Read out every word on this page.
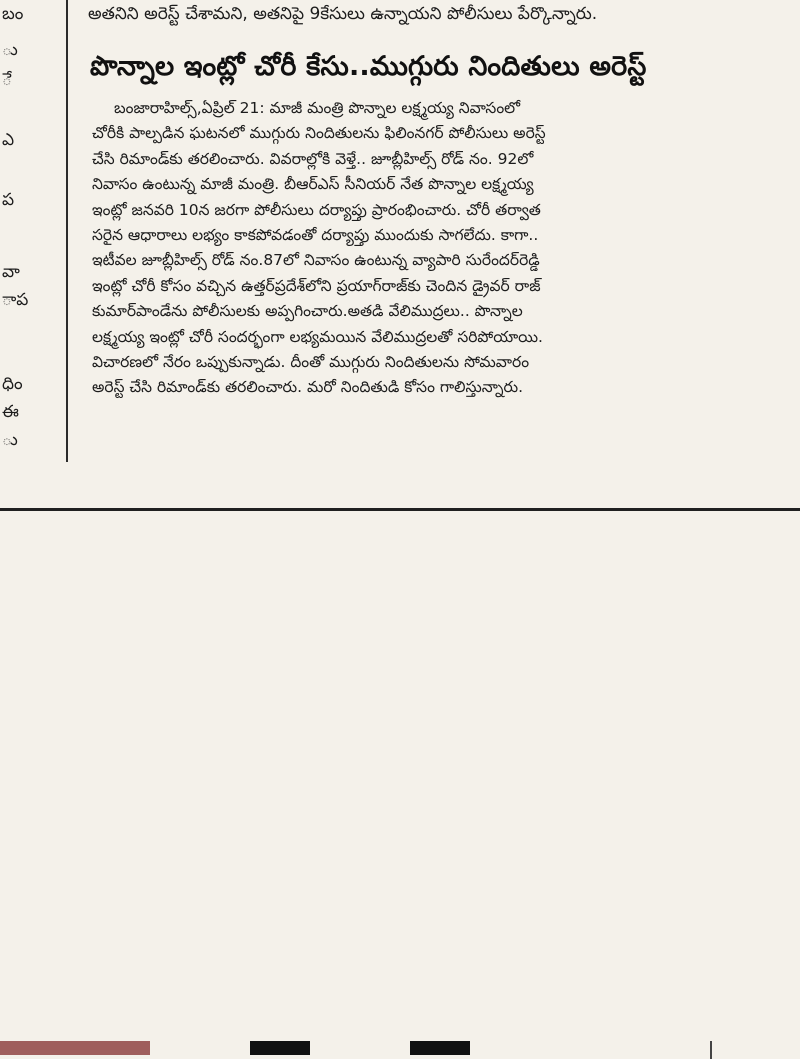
బం
ు
ే
ఎ
ప
వా
ాప
ధిం
ఈ
ు
అతనిని అరెస్ట్ చేశామని, అతనిపై 9కేసులు ఉన్నాయని పోలీసులు పేర్కొన్నారు.
పొన్నాల ఇంట్లో చోరీ కేసు..ముగ్గురు నిందితులు అరెస్ట్
బంజారాహిల్స్,ఏప్రిల్ 21: మాజీ మంత్రి పొన్నాల లక్ష్మయ్య నివాసంలో
చోరీకి పాల్పడిన ఘటనలో ముగ్గురు నిందితులను ఫిలింనగర్ పోలీసులు అరెస్ట్
చేసి రిమాండ్‌కు తరలించారు. వివరాల్లోకి వెళ్తే.. జూబ్లీహిల్స్ రోడ్ నం. 92లో
నివాసం ఉంటున్న మాజీ మంత్రి. బీఆర్ఎస్ సీనియర్ నేత పొన్నాల లక్ష్మయ్య
ఇంట్లో జనవరి 10న జరగా పోలీసులు దర్యాప్తు ప్రారంభించారు. చోరీ తర్వాత
సరైన ఆధారాలు లభ్యం కాకపోవడంతో దర్యాప్తు ముందుకు సాగలేదు. కాగా..
ఇటీవల జూబ్లీహిల్స్ రోడ్ నం.87లో నివాసం ఉంటున్న వ్యాపారి సురేందర్‌రెడ్డి
ఇంట్లో చోరీ కోసం వచ్చిన ఉత్తర్‌ప్రదేశ్‌లోని ప్రయాగ్‌రాజ్‌కు చెందిన డ్రైవర్ రాజ్
కుమార్‌పాండేను పోలీసులకు అప్పగించారు.అతడి వేలిముద్రలు.. పొన్నాల
లక్ష్మయ్య ఇంట్లో చోరీ సందర్భంగా లభ్యమయిన వేలిముద్రలతో సరిపోయాయి.
విచారణలో నేరం ఒప్పుకున్నాడు. దీంతో ముగ్గురు నిందితులను సోమవారం
అరెస్ట్ చేసి రిమాండ్‌కు తరలించారు. మరో నిందితుడి కోసం గాలిస్తున్నారు.
